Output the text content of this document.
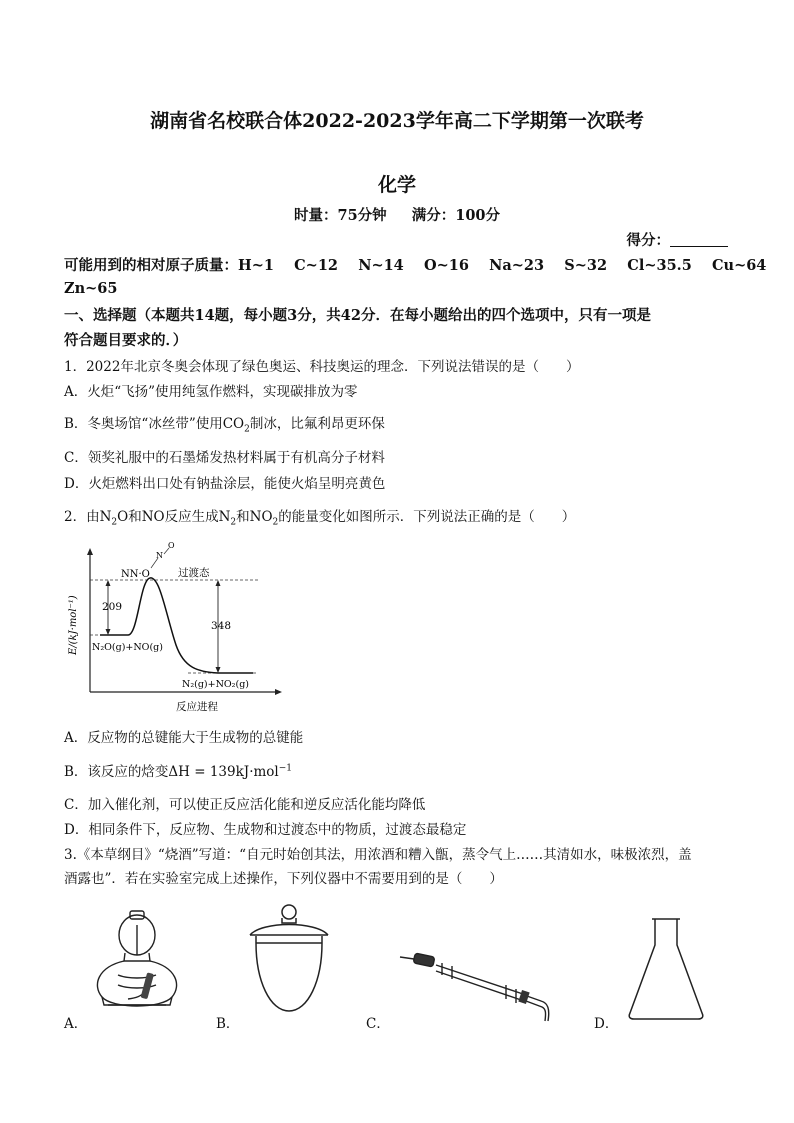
湖南省名校联合体2022-2023学年高二下学期第一次联考
化学
时量：75分钟 满分：100分
得分：
可能用到的相对原子质量：H~1    C~12    N~14    O~16    Na~23    S~32    Cl~35.5    Cu~64
Zn~65
一、选择题（本题共14题，每小题3分，共42分．在每小题给出的四个选项中，只有一项是
符合题目要求的．）
1．2022年北京冬奥会体现了绿色奥运、科技奥运的理念．下列说法错误的是（　　）
A．火炬“飞扬”使用纯氢作燃料，实现碳排放为零
B．冬奥场馆“冰丝带”使用$CO_2$制冰，比氟利昂更环保
C．领奖礼服中的石墨烯发热材料属于有机高分子材料
D．火炬燃料出口处有钠盐涂层，能使火焰呈明亮黄色
2．由$N_2O$和NO反应生成$N_2$和$NO_2$的能量变化如图所示．下列说法正确的是（　　）
E/(kJ·mol⁻¹)
反应进程
209
348
过渡态
NN·O
N
O
N₂O(g)+NO(g)
N₂(g)+NO₂(g)
A．反应物的总键能大于生成物的总键能
B．该反应的焓变ΔH = 139kJ·mol$^{-1}$
C．加入催化剂，可以使正反应活化能和逆反应活化能均降低
D．相同条件下，反应物、生成物和过渡态中的物质，过渡态最稳定
3.《本草纲目》“烧酒”写道：“自元时始创其法，用浓酒和糟入甑，蒸令气上……其清如水，味极浓烈，盖
酒露也”．若在实验室完成上述操作，下列仪器中不需要用到的是（　　）
A．	B．	C．	D．
